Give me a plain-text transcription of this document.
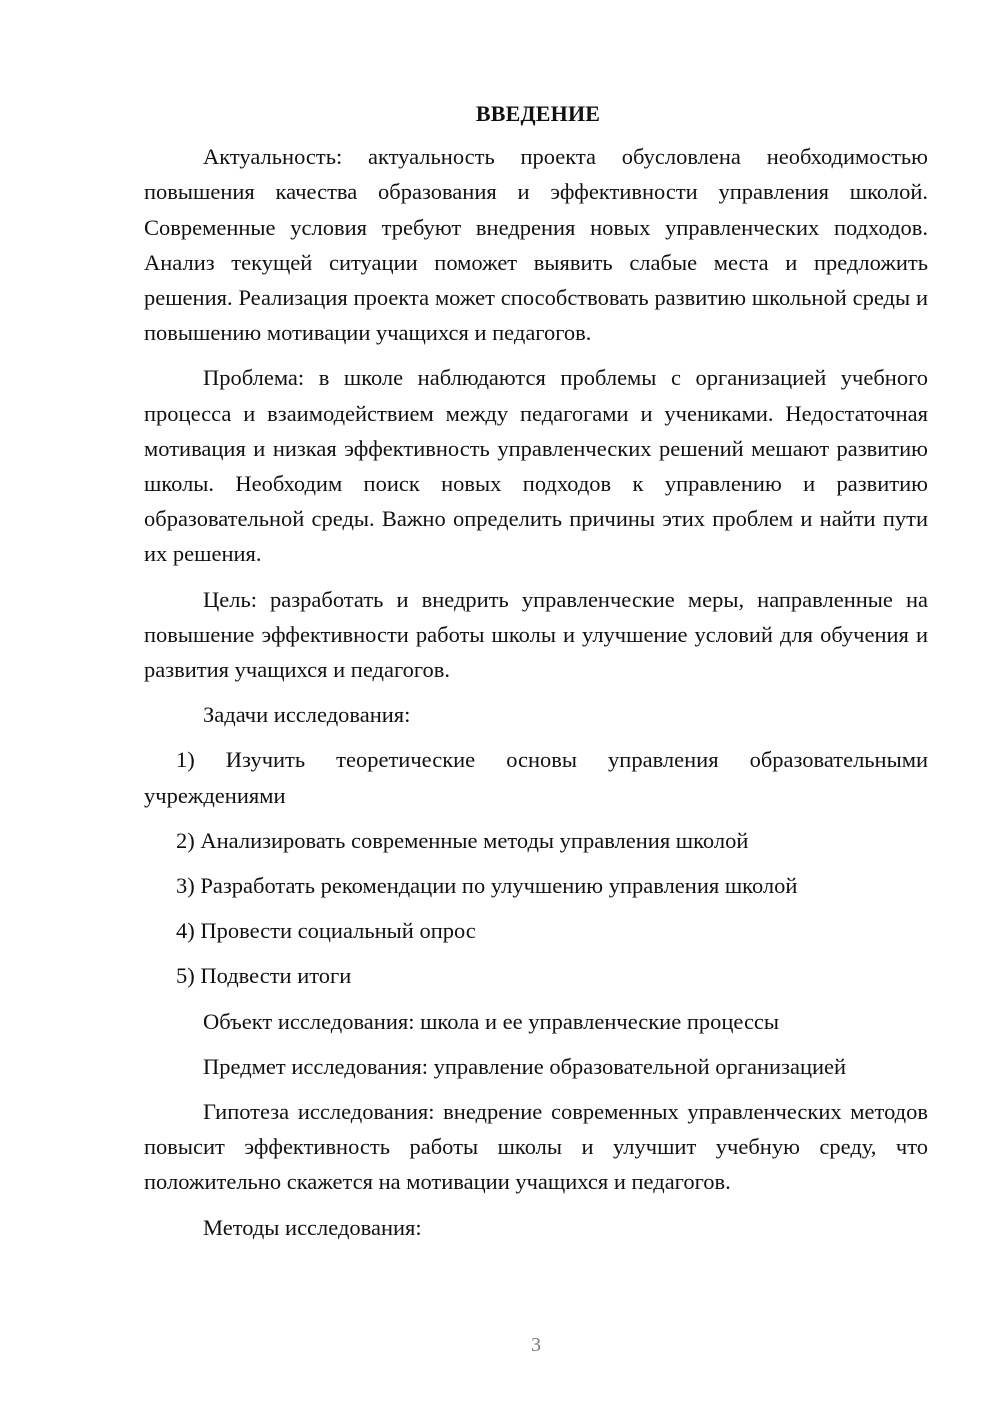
ВВЕДЕНИЕ

Актуальность: актуальность проекта обусловлена необходимостью повышения качества образования и эффективности управления школой. Современные условия требуют внедрения новых управленческих подходов. Анализ текущей ситуации поможет выявить слабые места и предложить решения. Реализация проекта может способствовать развитию школьной среды и повышению мотивации учащихся и педагогов.

Проблема: в школе наблюдаются проблемы с организацией учебного процесса и взаимодействием между педагогами и учениками. Недостаточная мотивация и низкая эффективность управленческих решений мешают развитию школы. Необходим поиск новых подходов к управлению и развитию образовательной среды. Важно определить причины этих проблем и найти пути их решения.

Цель: разработать и внедрить управленческие меры, направленные на повышение эффективности работы школы и улучшение условий для обучения и развития учащихся и педагогов.

Задачи исследования:

1) Изучить теоретические основы управления образовательными учреждениями

2) Анализировать современные методы управления школой

3) Разработать рекомендации по улучшению управления школой

4) Провести социальный опрос

5) Подвести итоги

Объект исследования: школа и ее управленческие процессы

Предмет исследования: управление образовательной организацией

Гипотеза исследования: внедрение современных управленческих методов повысит эффективность работы школы и улучшит учебную среду, что положительно скажется на мотивации учащихся и педагогов.

Методы исследования:

3
